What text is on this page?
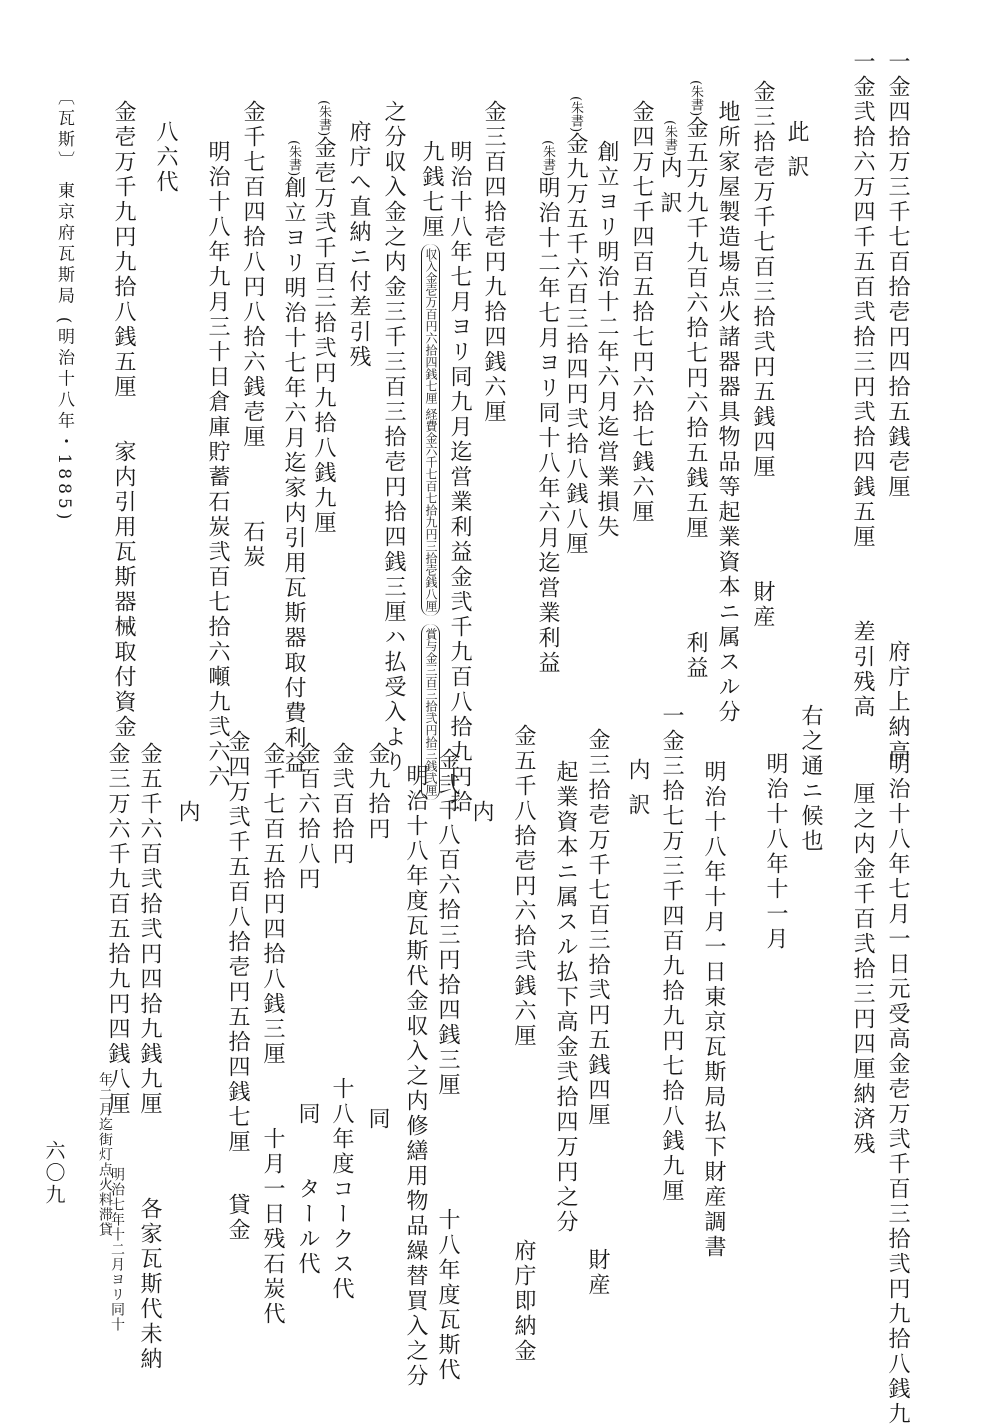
一金四拾万三千七百拾壱円四拾五銭壱厘府庁上納高
一金弐拾六万四千五百弐拾三円弐拾四銭五厘差引残高
此 訳
金三拾壱万千七百三拾弐円五銭四厘財産
地所家屋製造場点火諸器器具物品等起業資本ニ属スル分
(朱書)金五万九千九百六拾七円六拾五銭五厘利益
(朱書)内 訳
金四万七千四百五拾七円六拾七銭六厘
創立ヨリ明治十二年六月迄営業損失
(朱書)金九万五千六百三拾四円弐拾八銭八厘
(朱書)明治十二年七月ヨリ同十八年六月迄営業利益
金三百四拾壱円九拾四銭六厘
明治十八年七月ヨリ同九月迄営業利益金弐千九百八拾九円拾
九銭七厘収入金壱万百円六拾四銭七厘 経費金六千七百七拾九円三拾壱銭八厘賞与金三百三拾弐円拾三銭弐厘
之分収入金之内金三千三百三拾壱円拾四銭三厘ハ払受入より
府庁へ直納ニ付差引残
(朱書)金壱万弐千百三拾弐円九拾八銭九厘
(朱書)創立ヨリ明治十七年六月迄家内引用瓦斯器取付費利益
金千七百四拾八円八拾六銭壱厘石炭
明治十八年九月三十日倉庫貯蓄石炭弐百七拾六噸九弐六六
八六代
金壱万千九円九拾八銭五厘家内引用瓦斯器械取付資金
〔瓦斯〕 東京府瓦斯局 (明治十八年・1885)
明治十八年七月一日元受高金壱万弐千百三拾弐円九拾八銭九
厘之内金千百弐拾三円四厘納済残
右之通ニ候也
明治十八年十一月
明治十八年十月一日東京瓦斯局払下財産調書
一金三拾七万三千四百九拾九円七拾八銭九厘
内 訳
金三拾壱万千七百三拾弐円五銭四厘財産
起業資本ニ属スル払下高金弐拾四万円之分
金五千八拾壱円六拾弐銭六厘府庁即納金
内
金弐千八百六拾三円拾四銭三厘十八年度瓦斯代
明治十八年度瓦斯代金収入之内修繕用物品繰替買入之分
金九拾円同
金弐百拾円十八年度コークス代
金百六拾八円同　　タール代
金千七百五拾円四拾八銭三厘十月一日残石炭代
金四万弐千五百八拾壱円五拾四銭七厘貸金
内
金五千六百弐拾弐円四拾九銭九厘各家瓦斯代未納
金三万六千九百五拾九円四銭八厘明治七年十二月ヨリ同十
年二月迄街灯点火料滞貸
六〇九
